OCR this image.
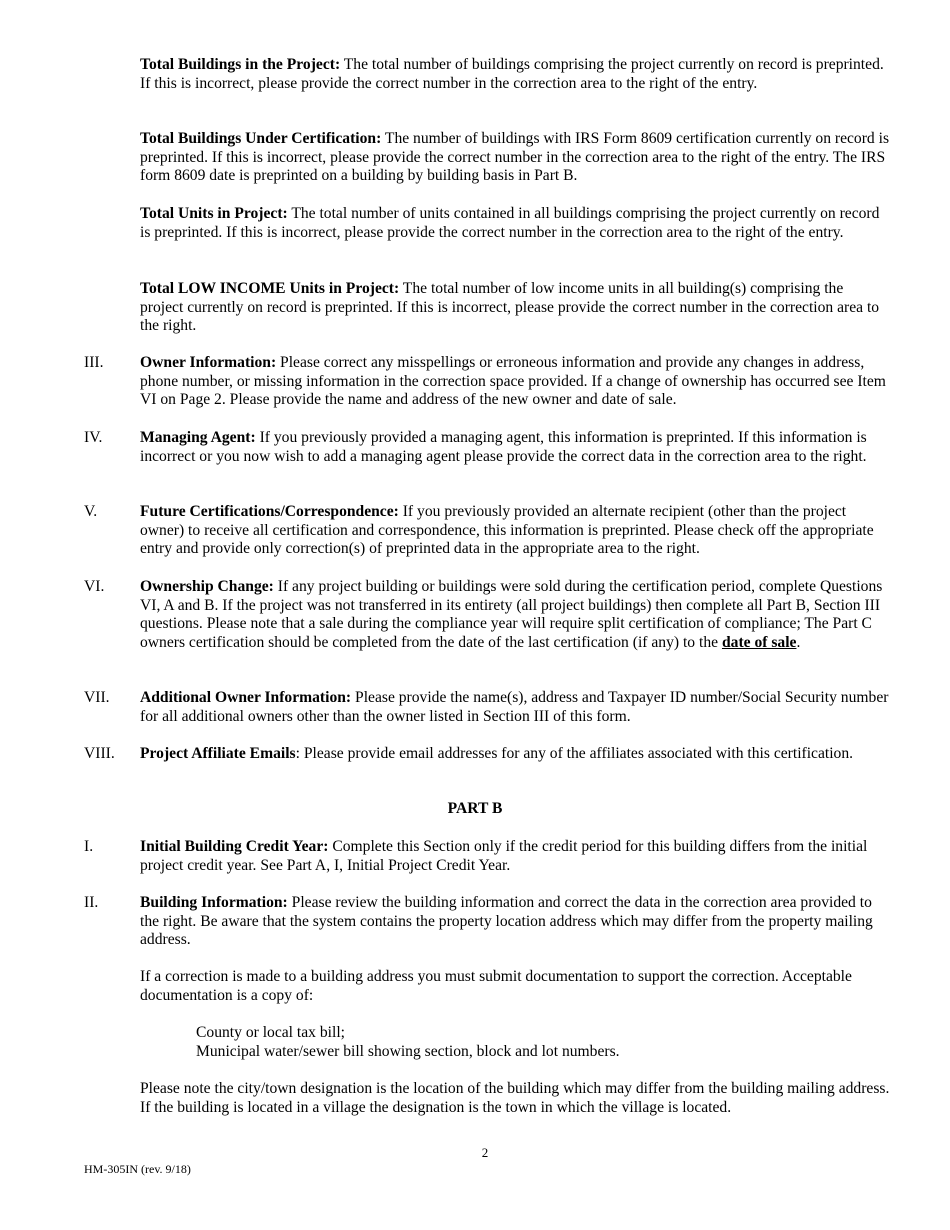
Total Buildings in the Project: The total number of buildings comprising the project currently on record is preprinted. If this is incorrect, please provide the correct number in the correction area to the right of the entry.

Total Buildings Under Certification: The number of buildings with IRS Form 8609 certification currently on record is preprinted. If this is incorrect, please provide the correct number in the correction area to the right of the entry. The IRS form 8609 date is preprinted on a building by building basis in Part B.

Total Units in Project: The total number of units contained in all buildings comprising the project currently on record is preprinted. If this is incorrect, please provide the correct number in the correction area to the right of the entry.

Total LOW INCOME Units in Project: The total number of low income units in all building(s) comprising the project currently on record is preprinted. If this is incorrect, please provide the correct number in the correction area to the right.

III.	Owner Information: Please correct any misspellings or erroneous information and provide any changes in address, phone number, or missing information in the correction space provided. If a change of ownership has occurred see Item VI on Page 2. Please provide the name and address of the new owner and date of sale.
IV.	Managing Agent: If you previously provided a managing agent, this information is preprinted. If this information is incorrect or you now wish to add a managing agent please provide the correct data in the correction area to the right.
V.	Future Certifications/Correspondence: If you previously provided an alternate recipient (other than the project owner) to receive all certification and correspondence, this information is preprinted. Please check off the appropriate entry and provide only correction(s) of preprinted data in the appropriate area to the right.
VI.	Ownership Change: If any project building or buildings were sold during the certification period, complete Questions VI, A and B. If the project was not transferred in its entirety (all project buildings) then complete all Part B, Section III questions. Please note that a sale during the compliance year will require split certification of compliance; The Part C owners certification should be completed from the date of the last certification (if any) to the date of sale.
VII.	Additional Owner Information: Please provide the name(s), address and Taxpayer ID number/Social Security number for all additional owners other than the owner listed in Section III of this form.
VIII.	Project Affiliate Emails: Please provide email addresses for any of the affiliates associated with this certification.

PART B

I.	Initial Building Credit Year: Complete this Section only if the credit period for this building differs from the initial project credit year. See Part A, I, Initial Project Credit Year.
II.	Building Information: Please review the building information and correct the data in the correction area provided to the right. Be aware that the system contains the property location address which may differ from the property mailing address.

If a correction is made to a building address you must submit documentation to support the correction. Acceptable documentation is a copy of:

County or local tax bill;
Municipal water/sewer bill showing section, block and lot numbers.

Please note the city/town designation is the location of the building which may differ from the building mailing address. If the building is located in a village the designation is the town in which the village is located.

2
HM-305IN (rev. 9/18)
